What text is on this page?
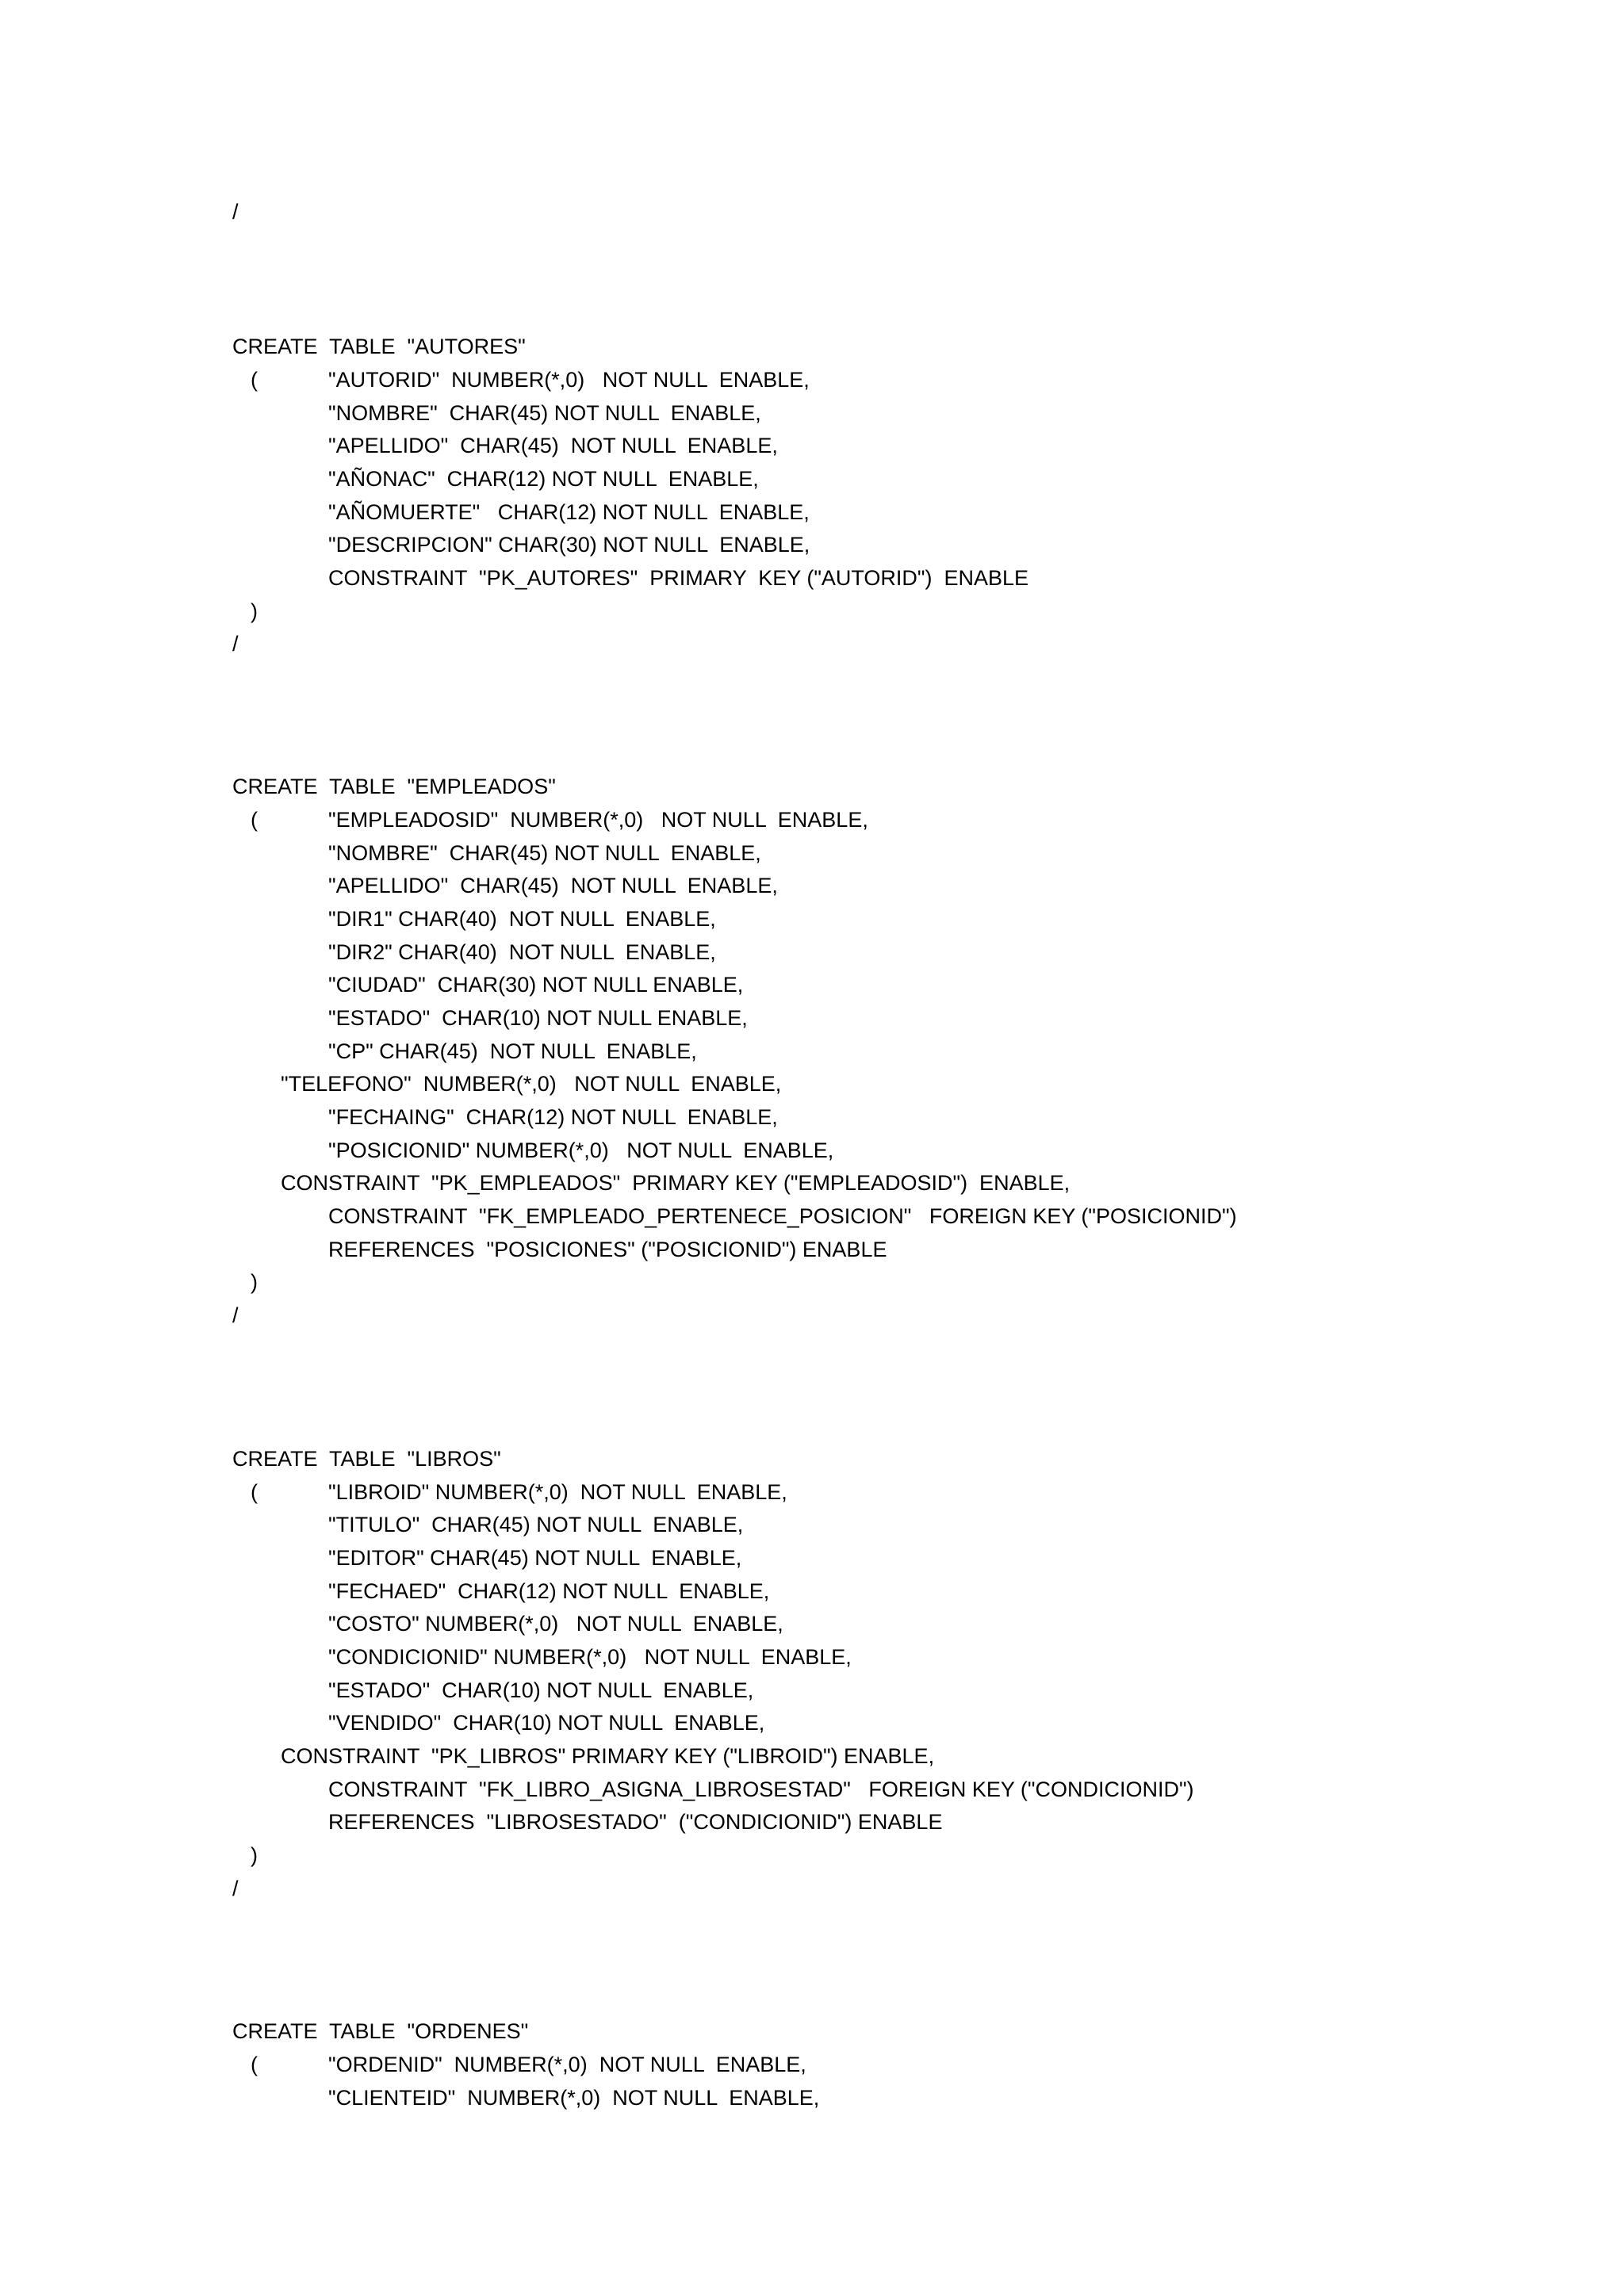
/
CREATE  TABLE  "AUTORES"
(	"AUTORID"  NUMBER(*,0)   NOT NULL  ENABLE,
"NOMBRE"  CHAR(45) NOT NULL  ENABLE,
"APELLIDO"  CHAR(45)  NOT NULL  ENABLE,
"AÑONAC"  CHAR(12) NOT NULL  ENABLE,
"AÑOMUERTE"   CHAR(12) NOT NULL  ENABLE,
"DESCRIPCION" CHAR(30) NOT NULL  ENABLE,
CONSTRAINT  "PK_AUTORES"  PRIMARY  KEY ("AUTORID")  ENABLE
)
/
CREATE  TABLE  "EMPLEADOS"
(	"EMPLEADOSID"  NUMBER(*,0)   NOT NULL  ENABLE,
"NOMBRE"  CHAR(45) NOT NULL  ENABLE,
"APELLIDO"  CHAR(45)  NOT NULL  ENABLE,
"DIR1" CHAR(40)  NOT NULL  ENABLE,
"DIR2" CHAR(40)  NOT NULL  ENABLE,
"CIUDAD"  CHAR(30) NOT NULL ENABLE,
"ESTADO"  CHAR(10) NOT NULL ENABLE,
"CP" CHAR(45)  NOT NULL  ENABLE,
"TELEFONO"  NUMBER(*,0)   NOT NULL  ENABLE,
"FECHAING"  CHAR(12) NOT NULL  ENABLE,
"POSICIONID" NUMBER(*,0)   NOT NULL  ENABLE,
CONSTRAINT  "PK_EMPLEADOS"  PRIMARY KEY ("EMPLEADOSID")  ENABLE,
CONSTRAINT  "FK_EMPLEADO_PERTENECE_POSICION"   FOREIGN KEY ("POSICIONID")
REFERENCES  "POSICIONES" ("POSICIONID") ENABLE
)
/
CREATE  TABLE  "LIBROS"
(	"LIBROID" NUMBER(*,0)  NOT NULL  ENABLE,
"TITULO"  CHAR(45) NOT NULL  ENABLE,
"EDITOR" CHAR(45) NOT NULL  ENABLE,
"FECHAED"  CHAR(12) NOT NULL  ENABLE,
"COSTO" NUMBER(*,0)   NOT NULL  ENABLE,
"CONDICIONID" NUMBER(*,0)   NOT NULL  ENABLE,
"ESTADO"  CHAR(10) NOT NULL  ENABLE,
"VENDIDO"  CHAR(10) NOT NULL  ENABLE,
CONSTRAINT  "PK_LIBROS" PRIMARY KEY ("LIBROID") ENABLE,
CONSTRAINT  "FK_LIBRO_ASIGNA_LIBROSESTAD"   FOREIGN KEY ("CONDICIONID")
REFERENCES  "LIBROSESTADO"  ("CONDICIONID") ENABLE
)
/
CREATE  TABLE  "ORDENES"
(	"ORDENID"  NUMBER(*,0)  NOT NULL  ENABLE,
"CLIENTEID"  NUMBER(*,0)  NOT NULL  ENABLE,
